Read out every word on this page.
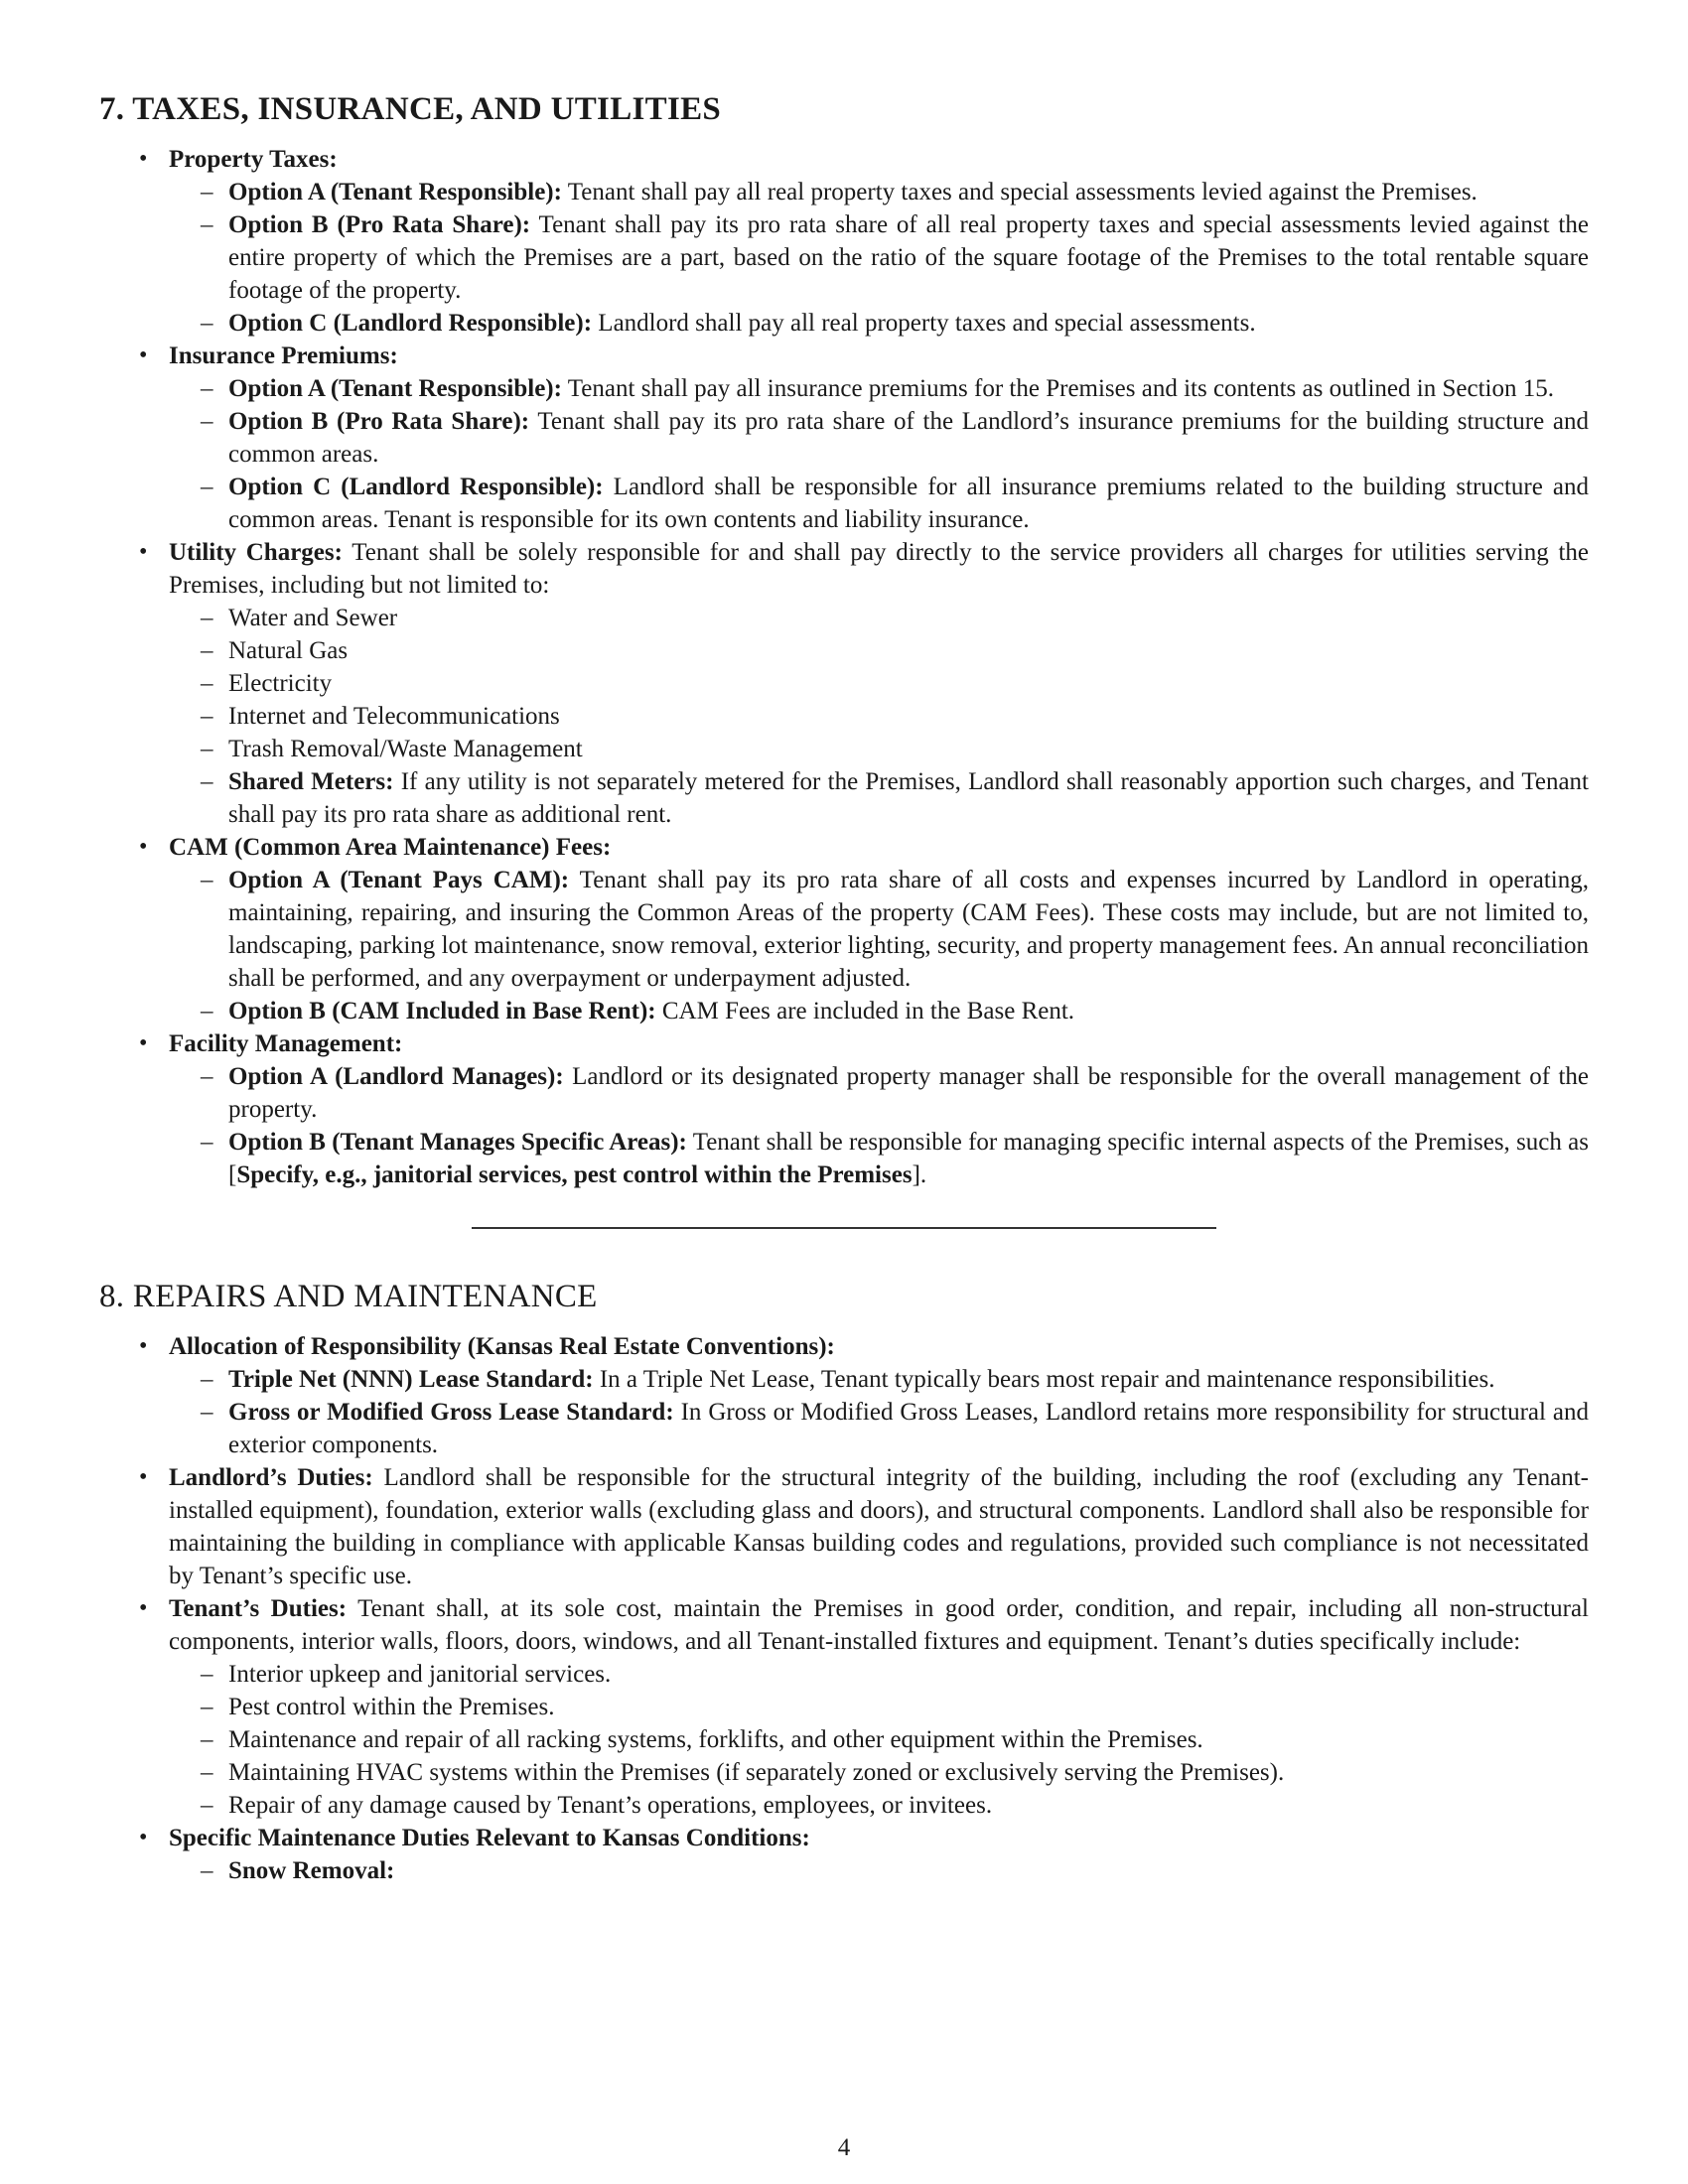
7. TAXES, INSURANCE, AND UTILITIES
• Property Taxes:
– Option A (Tenant Responsible): Tenant shall pay all real property taxes and special assessments levied against the Premises.
– Option B (Pro Rata Share): Tenant shall pay its pro rata share of all real property taxes and special assessments levied against the entire property of which the Premises are a part, based on the ratio of the square footage of the Premises to the total rentable square footage of the property.
– Option C (Landlord Responsible): Landlord shall pay all real property taxes and special assessments.
• Insurance Premiums:
– Option A (Tenant Responsible): Tenant shall pay all insurance premiums for the Premises and its contents as outlined in Section 15.
– Option B (Pro Rata Share): Tenant shall pay its pro rata share of the Landlord’s insurance premiums for the building structure and common areas.
– Option C (Landlord Responsible): Landlord shall be responsible for all insurance premiums related to the building structure and common areas. Tenant is responsible for its own contents and liability insurance.
• Utility Charges: Tenant shall be solely responsible for and shall pay directly to the service providers all charges for utilities serving the Premises, including but not limited to:
– Water and Sewer
– Natural Gas
– Electricity
– Internet and Telecommunications
– Trash Removal/Waste Management
– Shared Meters: If any utility is not separately metered for the Premises, Landlord shall reasonably apportion such charges, and Tenant shall pay its pro rata share as additional rent.
• CAM (Common Area Maintenance) Fees:
– Option A (Tenant Pays CAM): Tenant shall pay its pro rata share of all costs and expenses incurred by Landlord in operating, maintaining, repairing, and insuring the Common Areas of the property (CAM Fees). These costs may include, but are not limited to, landscaping, parking lot maintenance, snow removal, exterior lighting, security, and property management fees. An annual reconciliation shall be performed, and any overpayment or underpayment adjusted.
– Option B (CAM Included in Base Rent): CAM Fees are included in the Base Rent.
• Facility Management:
– Option A (Landlord Manages): Landlord or its designated property manager shall be responsible for the overall management of the property.
– Option B (Tenant Manages Specific Areas): Tenant shall be responsible for managing specific internal aspects of the Premises, such as [Specify, e.g., janitorial services, pest control within the Premises].
8. REPAIRS AND MAINTENANCE
• Allocation of Responsibility (Kansas Real Estate Conventions):
– Triple Net (NNN) Lease Standard: In a Triple Net Lease, Tenant typically bears most repair and maintenance responsibilities.
– Gross or Modified Gross Lease Standard: In Gross or Modified Gross Leases, Landlord retains more responsibility for structural and exterior components.
• Landlord’s Duties: Landlord shall be responsible for the structural integrity of the building, including the roof (excluding any Tenant-installed equipment), foundation, exterior walls (excluding glass and doors), and structural components. Landlord shall also be responsible for maintaining the building in compliance with applicable Kansas building codes and regulations, provided such compliance is not necessitated by Tenant’s specific use.
• Tenant’s Duties: Tenant shall, at its sole cost, maintain the Premises in good order, condition, and repair, including all non-structural components, interior walls, floors, doors, windows, and all Tenant-installed fixtures and equipment. Tenant’s duties specifically include:
– Interior upkeep and janitorial services.
– Pest control within the Premises.
– Maintenance and repair of all racking systems, forklifts, and other equipment within the Premises.
– Maintaining HVAC systems within the Premises (if separately zoned or exclusively serving the Premises).
– Repair of any damage caused by Tenant’s operations, employees, or invitees.
• Specific Maintenance Duties Relevant to Kansas Conditions:
– Snow Removal:
4
